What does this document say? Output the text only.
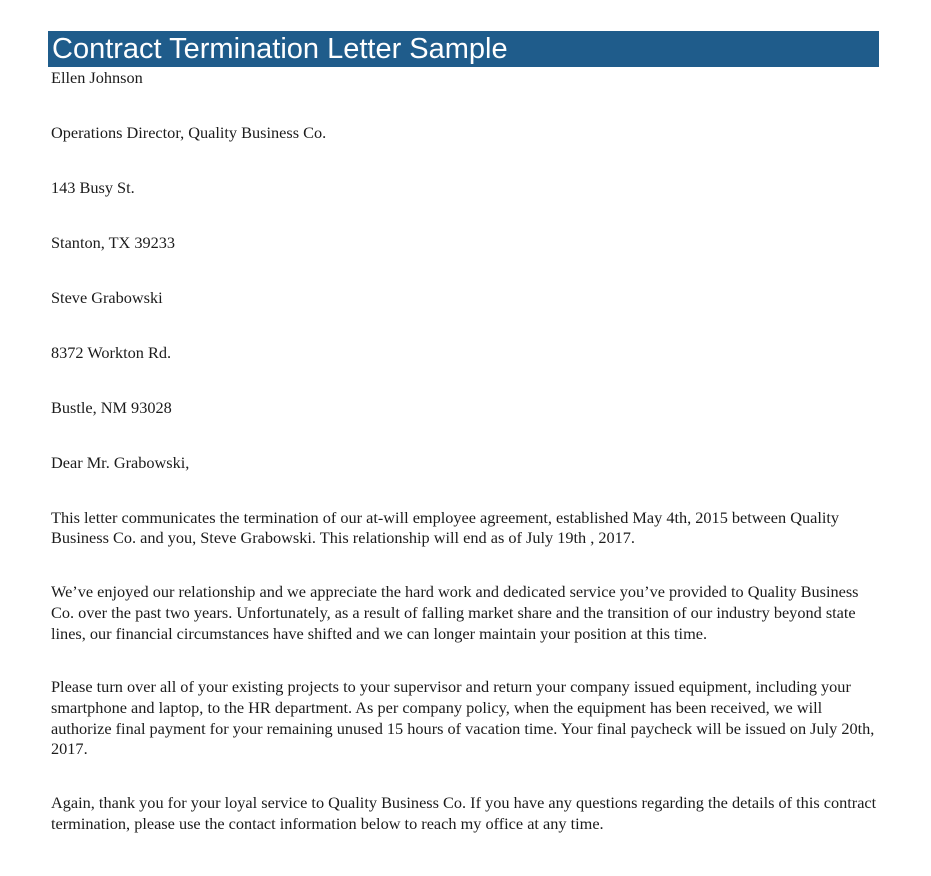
Contract Termination Letter Sample

Ellen Johnson

Operations Director, Quality Business Co.

143 Busy St.

Stanton, TX 39233

Steve Grabowski

8372 Workton Rd.

Bustle, NM 93028

Dear Mr. Grabowski,

This letter communicates the termination of our at-will employee agreement, established May 4th, 2015 between Quality Business Co. and you, Steve Grabowski. This relationship will end as of July 19th , 2017.

We’ve enjoyed our relationship and we appreciate the hard work and dedicated service you’ve provided to Quality Business Co. over the past two years. Unfortunately, as a result of falling market share and the transition of our industry beyond state lines, our financial circumstances have shifted and we can longer maintain your position at this time.

Please turn over all of your existing projects to your supervisor and return your company issued equipment, including your smartphone and laptop, to the HR department. As per company policy, when the equipment has been received, we will authorize final payment for your remaining unused 15 hours of vacation time. Your final paycheck will be issued on July 20th, 2017.

Again, thank you for your loyal service to Quality Business Co. If you have any questions regarding the details of this contract termination, please use the contact information below to reach my office at any time.
